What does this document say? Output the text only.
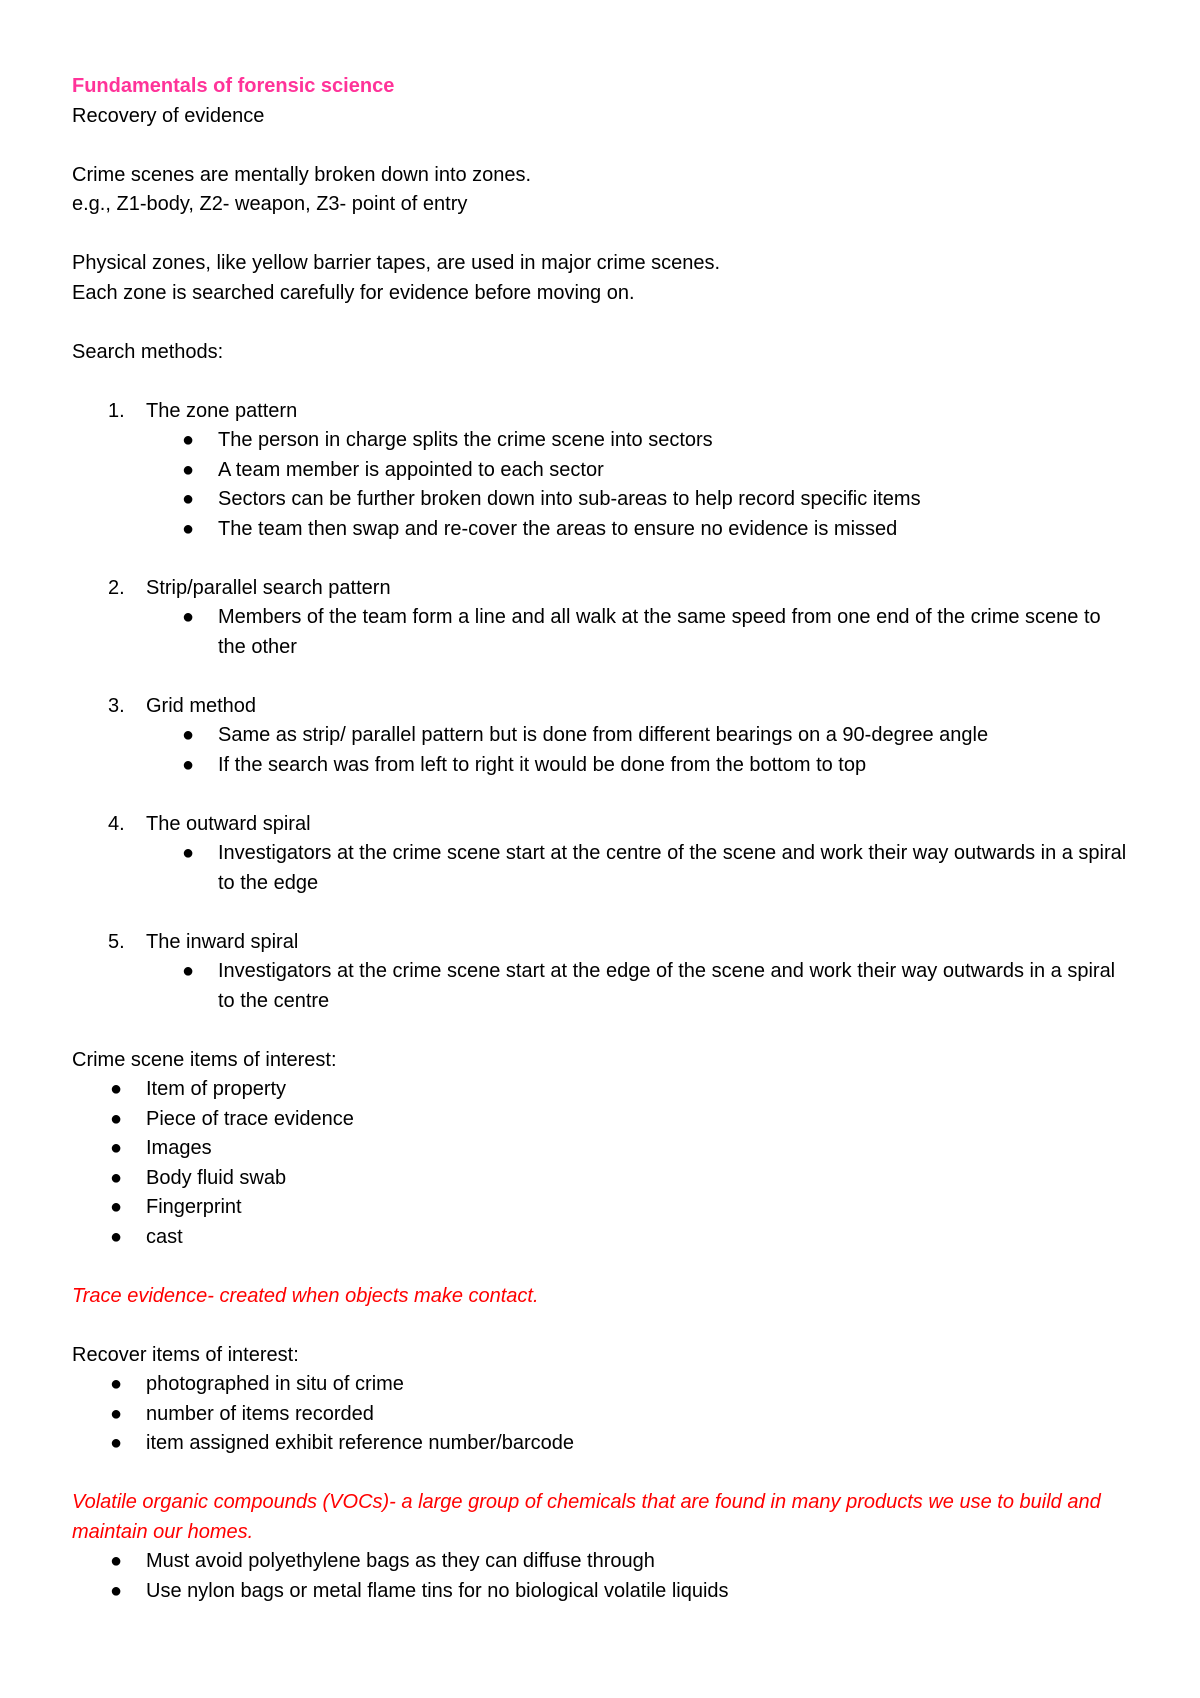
Fundamentals of forensic science
Recovery of evidence
Crime scenes are mentally broken down into zones.
e.g., Z1-body, Z2- weapon, Z3- point of entry
Physical zones, like yellow barrier tapes, are used in major crime scenes.
Each zone is searched carefully for evidence before moving on.
Search methods:
1.	The zone pattern
● The person in charge splits the crime scene into sectors
● A team member is appointed to each sector
● Sectors can be further broken down into sub-areas to help record specific items
● The team then swap and re-cover the areas to ensure no evidence is missed
2.	Strip/parallel search pattern
● Members of the team form a line and all walk at the same speed from one end of the crime scene to the other
3.	Grid method
● Same as strip/ parallel pattern but is done from different bearings on a 90-degree angle
● If the search was from left to right it would be done from the bottom to top
4.	The outward spiral
● Investigators at the crime scene start at the centre of the scene and work their way outwards in a spiral to the edge
5.	The inward spiral
● Investigators at the crime scene start at the edge of the scene and work their way outwards in a spiral to the centre
Crime scene items of interest:
● Item of property
● Piece of trace evidence
● Images
● Body fluid swab
● Fingerprint
● cast
Trace evidence- created when objects make contact.
Recover items of interest:
● photographed in situ of crime
● number of items recorded
● item assigned exhibit reference number/barcode
Volatile organic compounds (VOCs)- a large group of chemicals that are found in many products we use to build and maintain our homes.
● Must avoid polyethylene bags as they can diffuse through
● Use nylon bags or metal flame tins for no biological volatile liquids
